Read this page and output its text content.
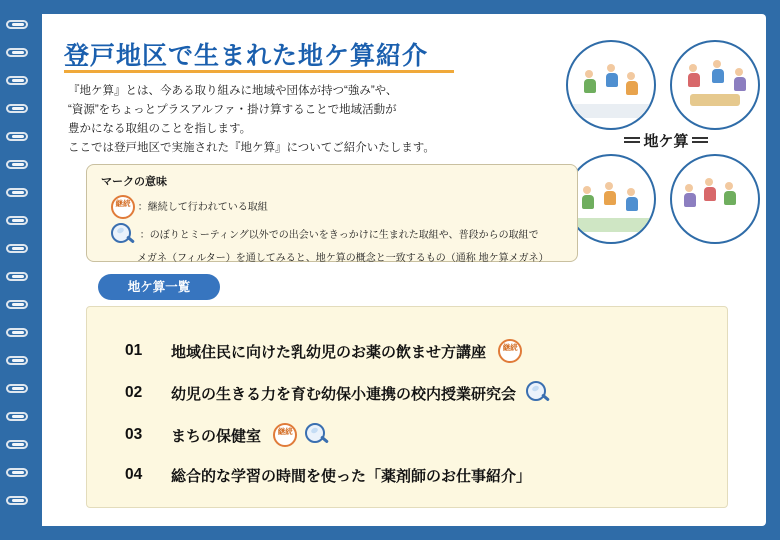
登戸地区で生まれた地ケ算紹介
『地ケ算』とは、今ある取り組みに地域や団体が持つ“強み”や、
“資源”をちょっとプラスアルファ・掛け算することで地域活動が
豊かになる取組のことを指します。
ここでは登戸地区で実施された『地ケ算』についてご紹介いたします。	地ケ算
マークの意味
継続 ：継続して行われている取組
：のぼりとミーティング以外での出会いをきっかけに生まれた取組や、普段からの取組で
メガネ（フィルター）を通してみると、地ケ算の概念と一致するもの（通称 地ケ算メガネ）
地ケ算一覧
01 地域住民に向けた乳幼児のお薬の飲ませ方講座 継続
02 幼児の生きる力を育む幼保小連携の校内授業研究会
03 まちの保健室 継続
04 総合的な学習の時間を使った「薬剤師のお仕事紹介」
